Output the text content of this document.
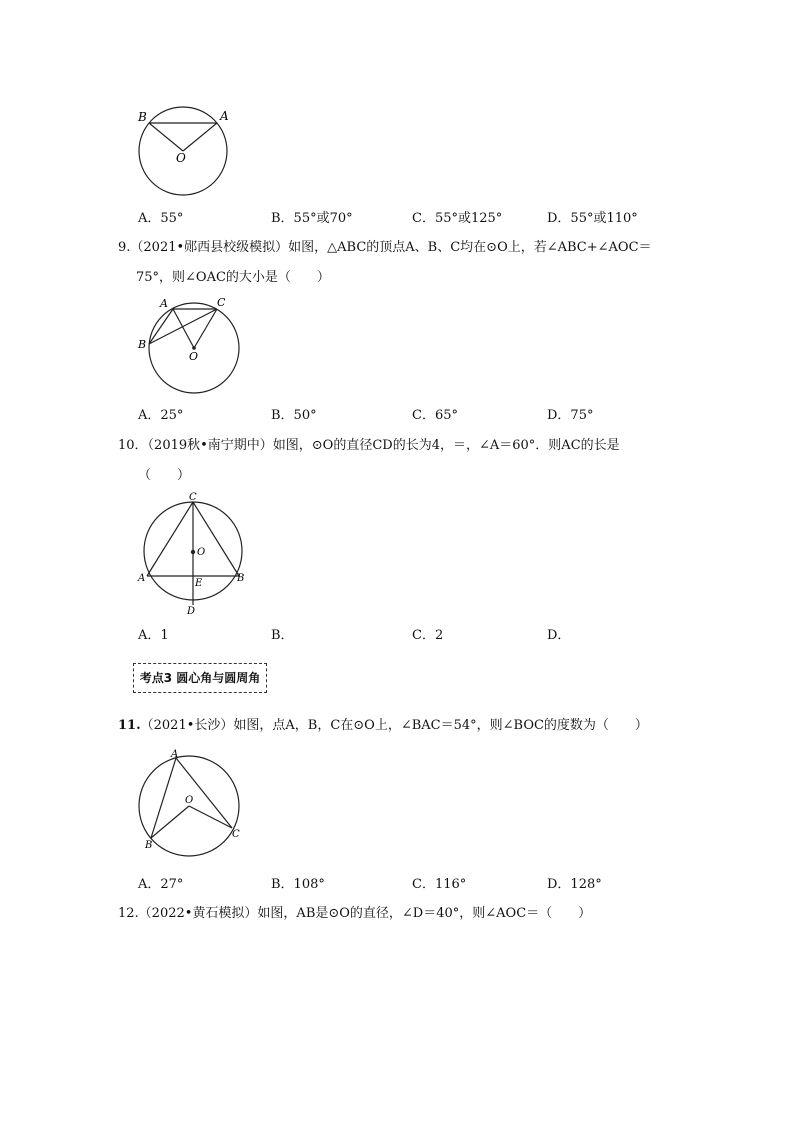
B	A
O
A．55°	B．55°或70°	C．55°或125°	D．55°或110°
9.（2021•郧西县校级模拟）如图，△ABC的顶点A、B、C均在⊙O上，若∠ABC+∠AOC＝
75°，则∠OAC的大小是（　　）
A	C
B
O
A．25°	B．50°	C．65°	D．75°
10．（2019秋•南宁期中）如图，⊙O的直径CD的长为4，＝，∠A＝60°．则AC的长是
（　　）
C
O
A	E	B
D
A．1	B．	C．2	D．
考点3 圆心角与圆周角
11.（2021•长沙）如图，点A，B，C在⊙O上，∠BAC＝54°，则∠BOC的度数为（　　）
A
O
B
C
A．27°	B．108°	C．116°	D．128°
12.（2022•黄石模拟）如图，AB是⊙O的直径，∠D＝40°，则∠AOC＝（　　）
